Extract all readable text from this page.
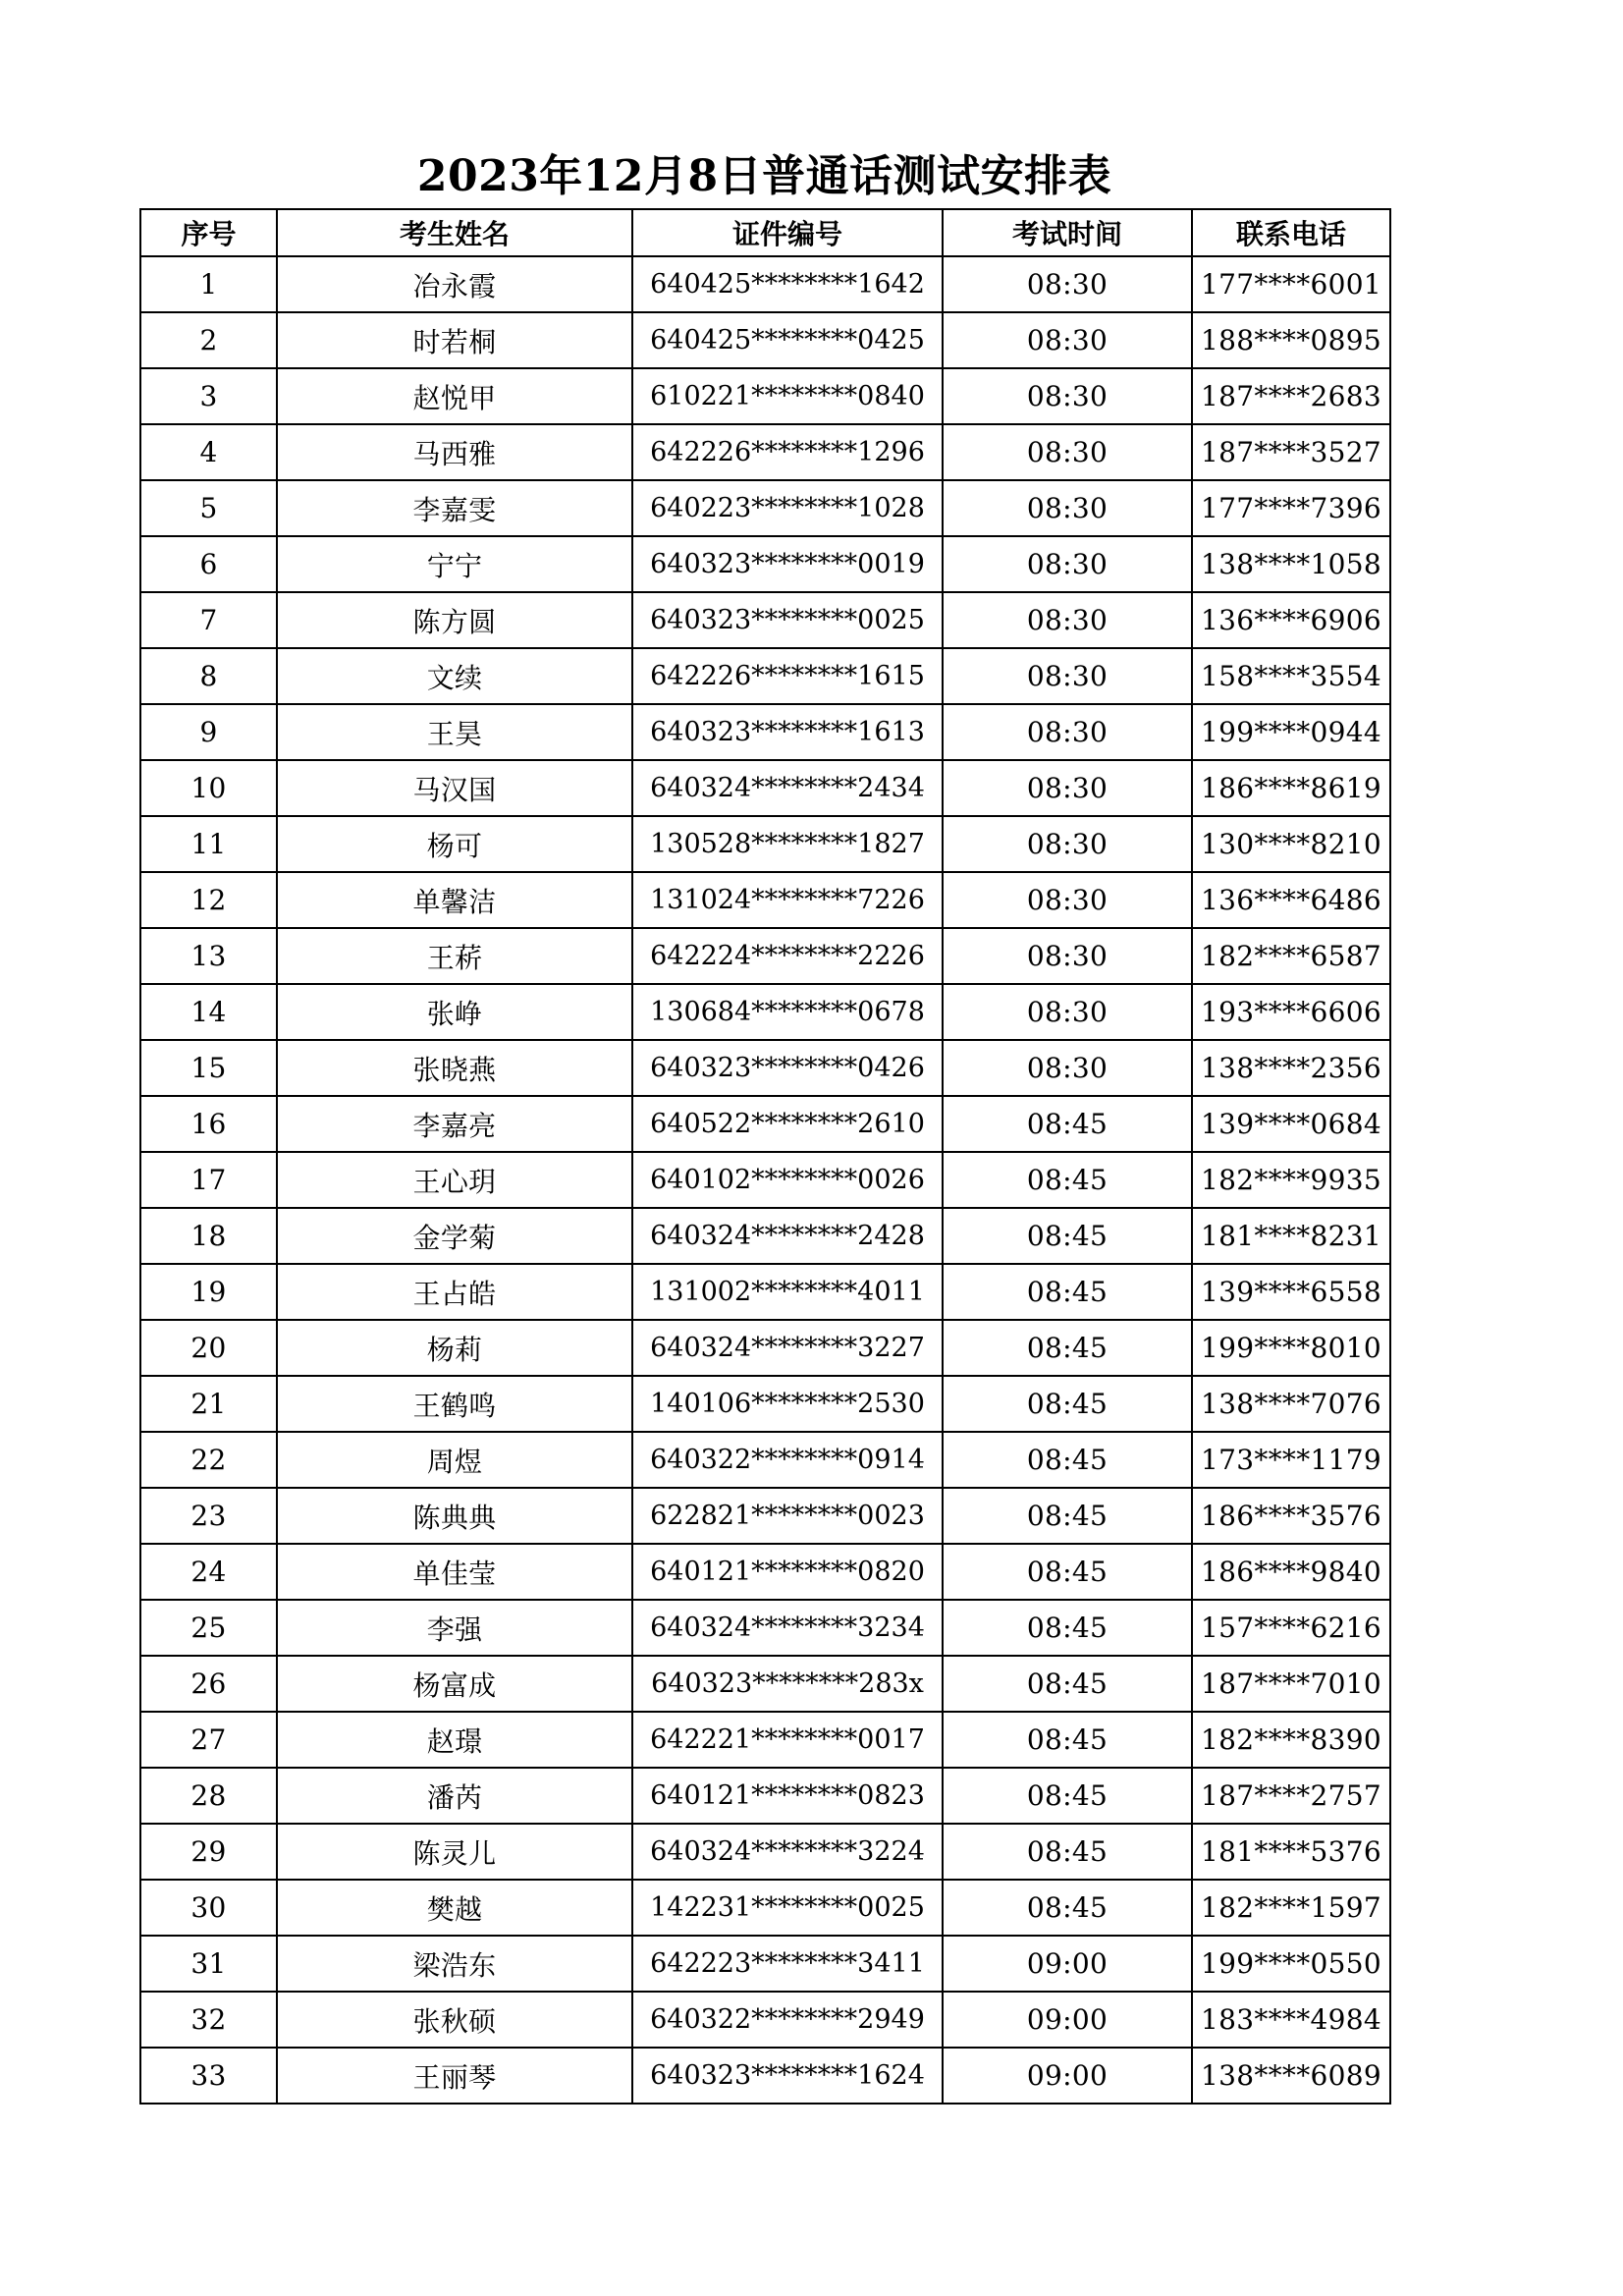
2023年12月8日普通话测试安排表
序号	考生姓名	证件编号	考试时间	联系电话
1	冶永霞	640425********1642	08:30	177****6001
2	时若桐	640425********0425	08:30	188****0895
3	赵悦甲	610221********0840	08:30	187****2683
4	马西雅	642226********1296	08:30	187****3527
5	李嘉雯	640223********1028	08:30	177****7396
6	宁宁	640323********0019	08:30	138****1058
7	陈方圆	640323********0025	08:30	136****6906
8	文续	642226********1615	08:30	158****3554
9	王昊	640323********1613	08:30	199****0944
10	马汉国	640324********2434	08:30	186****8619
11	杨可	130528********1827	08:30	130****8210
12	单馨洁	131024********7226	08:30	136****6486
13	王菥	642224********2226	08:30	182****6587
14	张峥	130684********0678	08:30	193****6606
15	张晓燕	640323********0426	08:30	138****2356
16	李嘉亮	640522********2610	08:45	139****0684
17	王心玥	640102********0026	08:45	182****9935
18	金学菊	640324********2428	08:45	181****8231
19	王占皓	131002********4011	08:45	139****6558
20	杨莉	640324********3227	08:45	199****8010
21	王鹤鸣	140106********2530	08:45	138****7076
22	周煜	640322********0914	08:45	173****1179
23	陈典典	622821********0023	08:45	186****3576
24	单佳莹	640121********0820	08:45	186****9840
25	李强	640324********3234	08:45	157****6216
26	杨富成	640323********283x	08:45	187****7010
27	赵璟	642221********0017	08:45	182****8390
28	潘芮	640121********0823	08:45	187****2757
29	陈灵儿	640324********3224	08:45	181****5376
30	樊越	142231********0025	08:45	182****1597
31	梁浩东	642223********3411	09:00	199****0550
32	张秋硕	640322********2949	09:00	183****4984
33	王丽琴	640323********1624	09:00	138****6089
